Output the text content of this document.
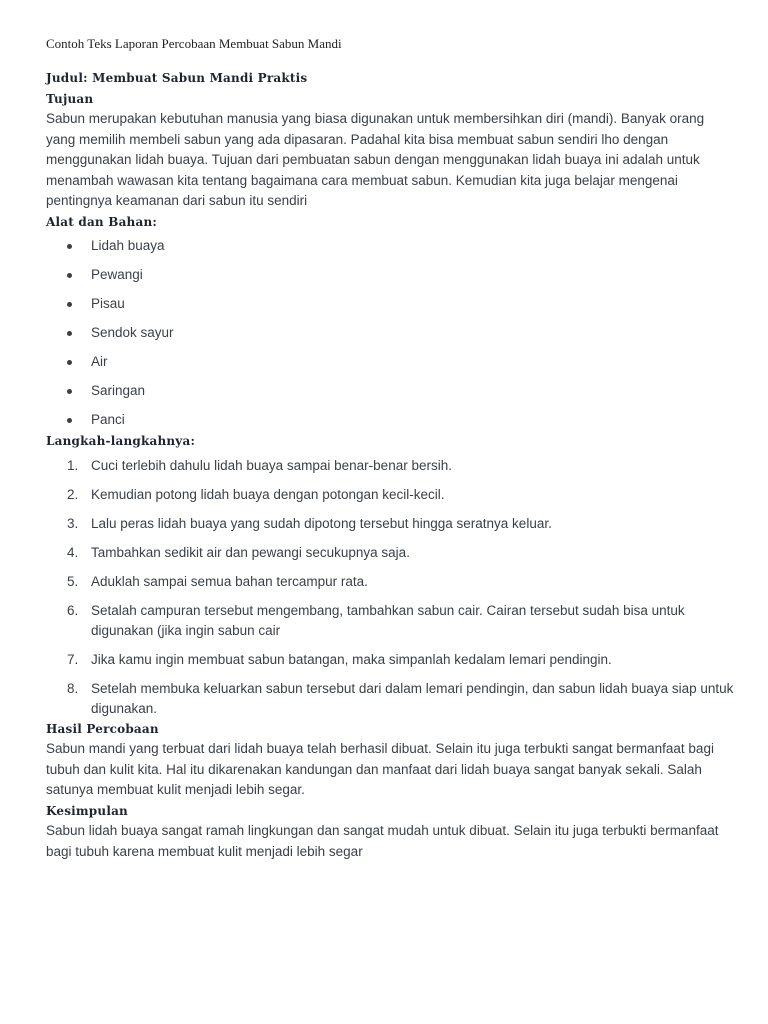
Contoh Teks Laporan Percobaan Membuat Sabun Mandi
Judul: Membuat Sabun Mandi Praktis
Tujuan

Sabun merupakan kebutuhan manusia yang biasa digunakan untuk membersihkan diri (mandi). Banyak orang yang memilih membeli sabun yang ada dipasaran. Padahal kita bisa membuat sabun sendiri lho dengan menggunakan lidah buaya. Tujuan dari pembuatan sabun dengan menggunakan lidah buaya ini adalah untuk menambah wawasan kita tentang bagaimana cara membuat sabun. Kemudian kita juga belajar mengenai pentingnya keamanan dari sabun itu sendiri

Alat dan Bahan:
Lidah buaya
Pewangi
Pisau
Sendok sayur
Air
Saringan
Panci
Langkah-langkahnya:
1. Cuci terlebih dahulu lidah buaya sampai benar-benar bersih.
2. Kemudian potong lidah buaya dengan potongan kecil-kecil.
3. Lalu peras lidah buaya yang sudah dipotong tersebut hingga seratnya keluar.
4. Tambahkan sedikit air dan pewangi secukupnya saja.
5. Aduklah sampai semua bahan tercampur rata.
6. Setalah campuran tersebut mengembang, tambahkan sabun cair. Cairan tersebut sudah bisa untuk digunakan (jika ingin sabun cair
7. Jika kamu ingin membuat sabun batangan, maka simpanlah kedalam lemari pendingin.
8. Setelah membuka keluarkan sabun tersebut dari dalam lemari pendingin, dan sabun lidah buaya siap untuk digunakan.
Hasil Percobaan

Sabun mandi yang terbuat dari lidah buaya telah berhasil dibuat. Selain itu juga terbukti sangat bermanfaat bagi tubuh dan kulit kita. Hal itu dikarenakan kandungan dan manfaat dari lidah buaya sangat banyak sekali. Salah satunya membuat kulit menjadi lebih segar.

Kesimpulan

Sabun lidah buaya sangat ramah lingkungan dan sangat mudah untuk dibuat. Selain itu juga terbukti bermanfaat bagi tubuh karena membuat kulit menjadi lebih segar
